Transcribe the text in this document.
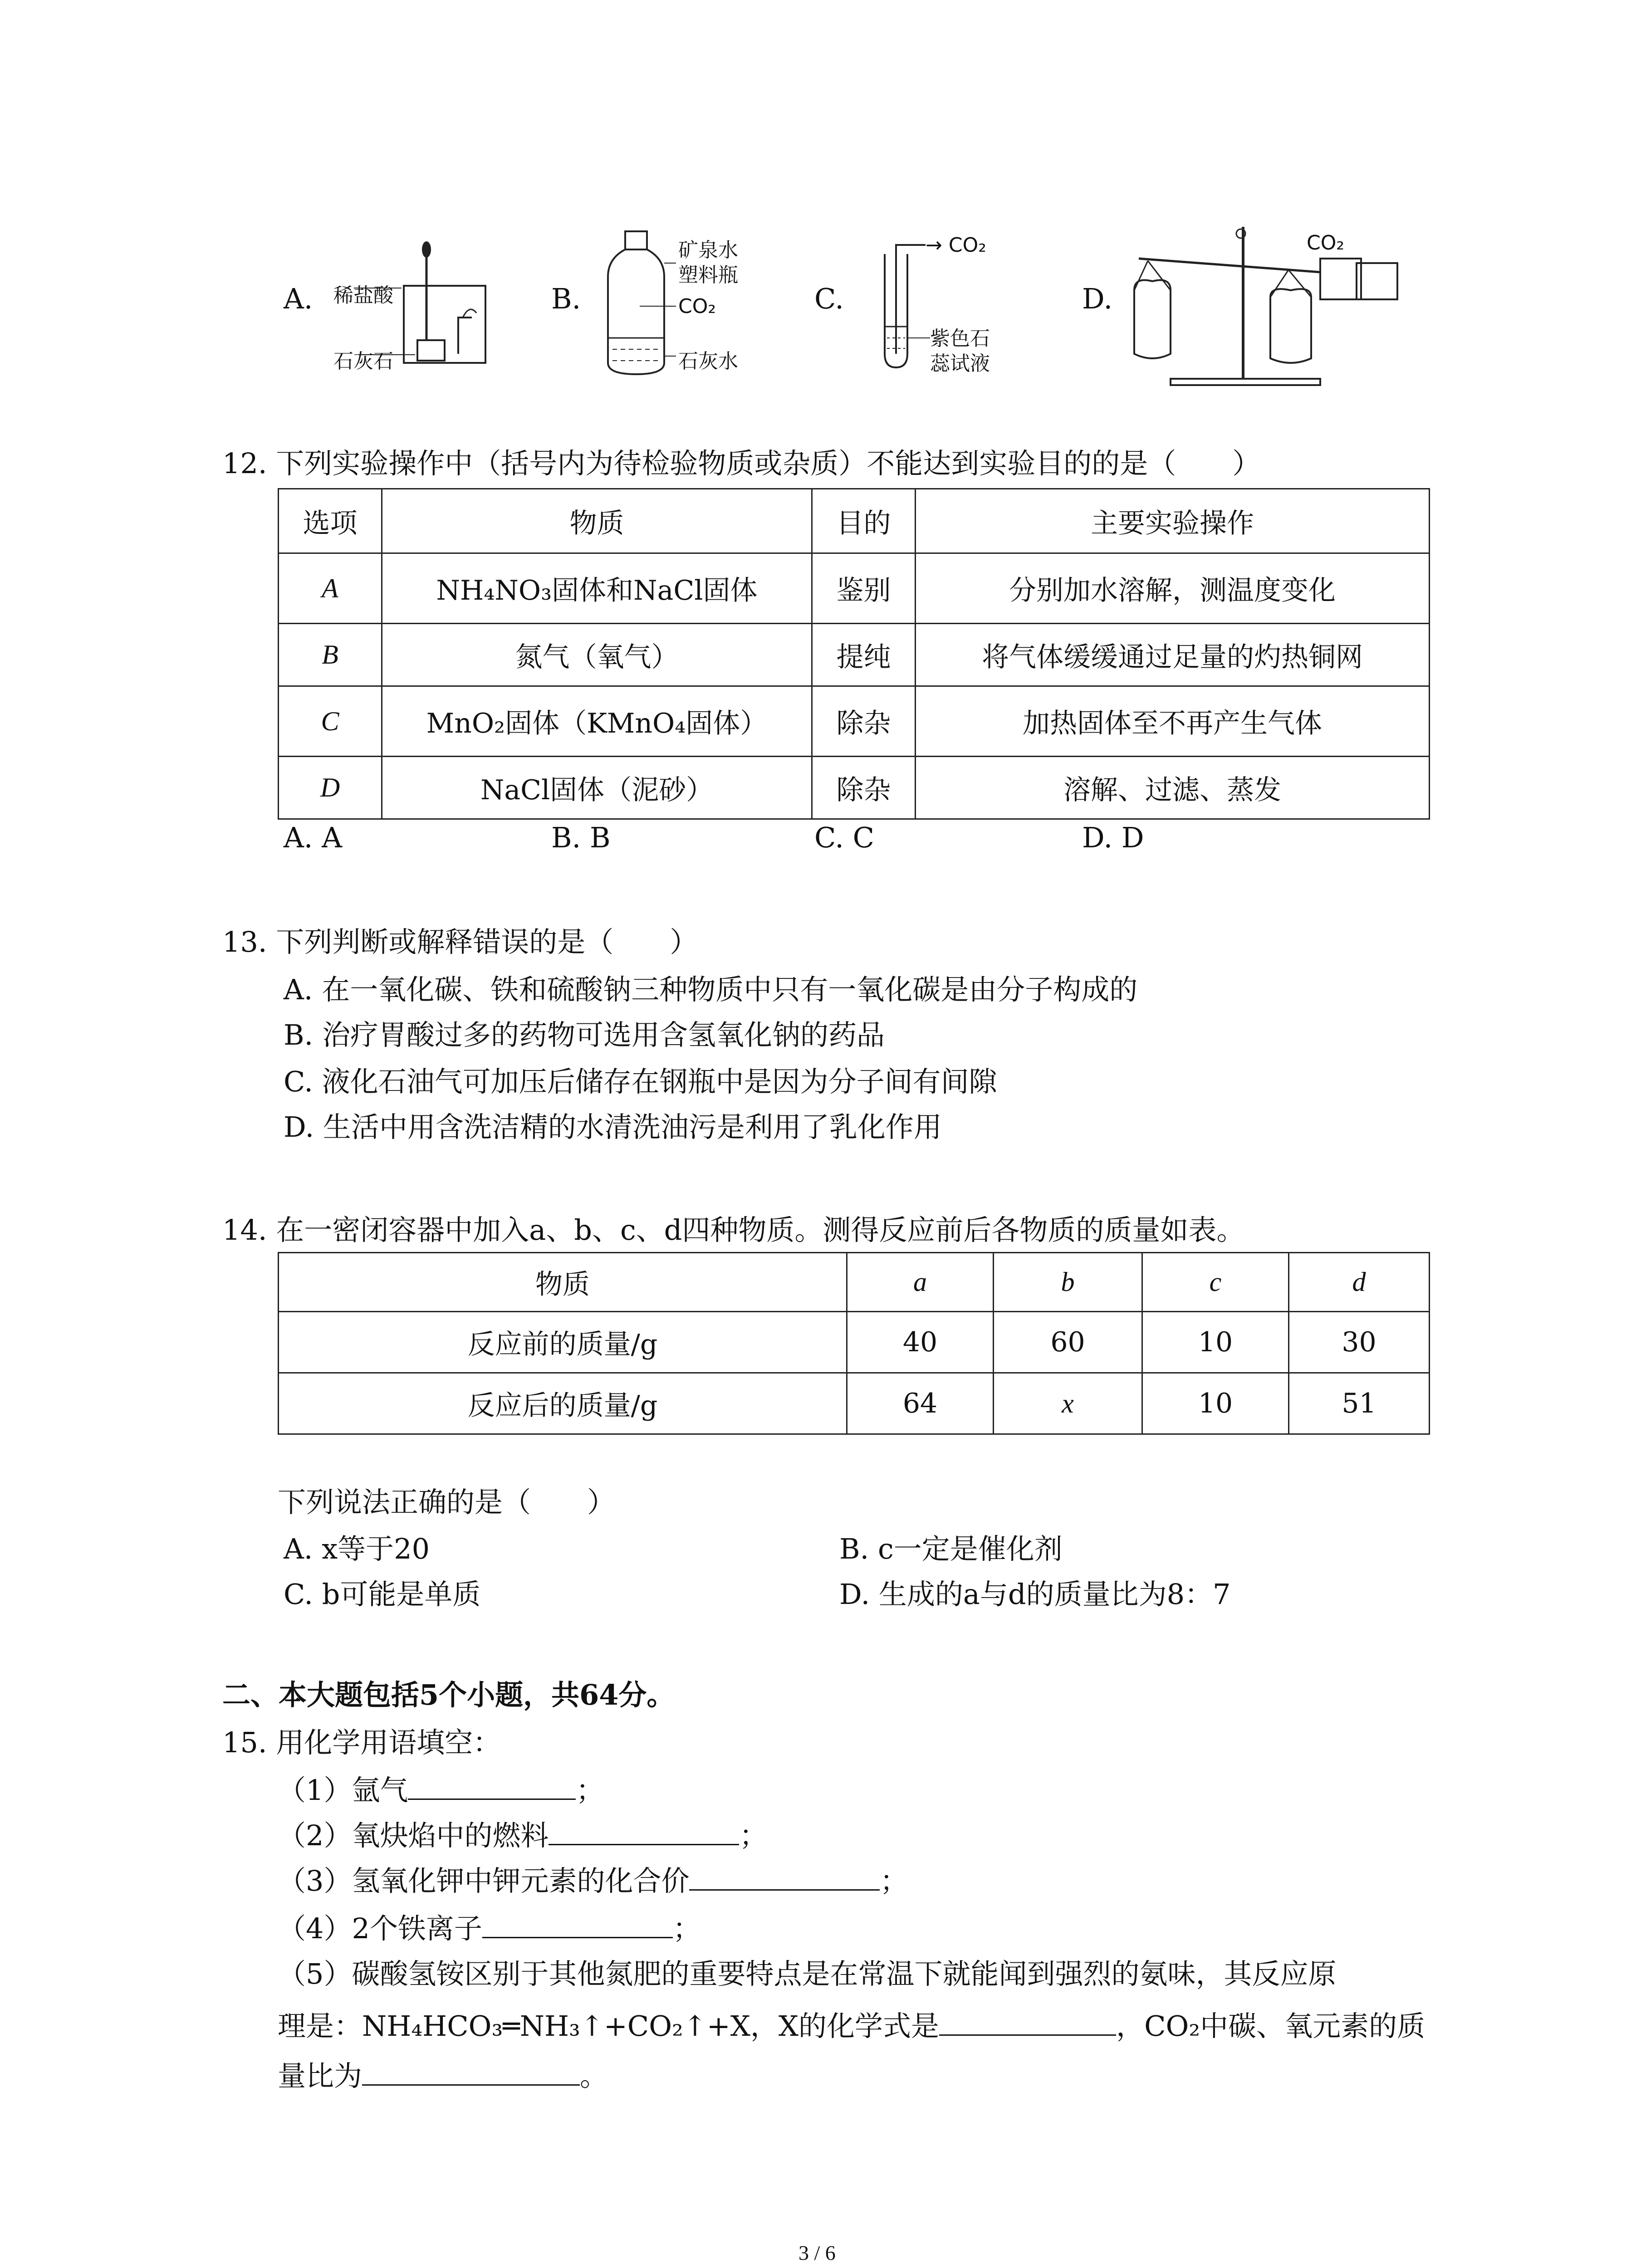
A. 稀盐酸
石灰石
B.
矿泉水
塑料瓶
CO₂
石灰水
C.
→ CO₂
紫色石
蕊试液
D.
CO₂
12. 下列实验操作中（括号内为待检验物质或杂质）不能达到实验目的的是（　　）
选项	物质	目的	主要实验操作
A	NH₄NO₃固体和NaCl固体	鉴别	分别加水溶解，测温度变化
B	氮气（氧气）	提纯	将气体缓缓通过足量的灼热铜网
C	MnO₂固体（KMnO₄固体）	除杂	加热固体至不再产生气体
D	NaCl固体（泥砂）	除杂	溶解、过滤、蒸发
A. A	B. B	C. C	D. D
13. 下列判断或解释错误的是（　　）
A. 在一氧化碳、铁和硫酸钠三种物质中只有一氧化碳是由分子构成的
B. 治疗胃酸过多的药物可选用含氢氧化钠的药品
C. 液化石油气可加压后储存在钢瓶中是因为分子间有间隙
D. 生活中用含洗洁精的水清洗油污是利用了乳化作用
14. 在一密闭容器中加入a、b、c、d四种物质。测得反应前后各物质的质量如表。
物质	a	b	c	d
反应前的质量/g	40	60	10	30
反应后的质量/g	64	x	10	51
下列说法正确的是（　　）
A. x等于20	B. c一定是催化剂
C. b可能是单质	D. 生成的a与d的质量比为8：7
二、本大题包括5个小题，共64分。
15. 用化学用语填空：
（1）氩气	；
（2）氧炔焰中的燃料	；
（3）氢氧化钾中钾元素的化合价	；
（4）2个铁离子	；
（5）碳酸氢铵区别于其他氮肥的重要特点是在常温下就能闻到强烈的氨味，其反应原
理是：NH₄HCO₃═NH₃↑+CO₂↑+X，X的化学式是	，CO₂中碳、氧元素的质
量比为	。
3 / 6
